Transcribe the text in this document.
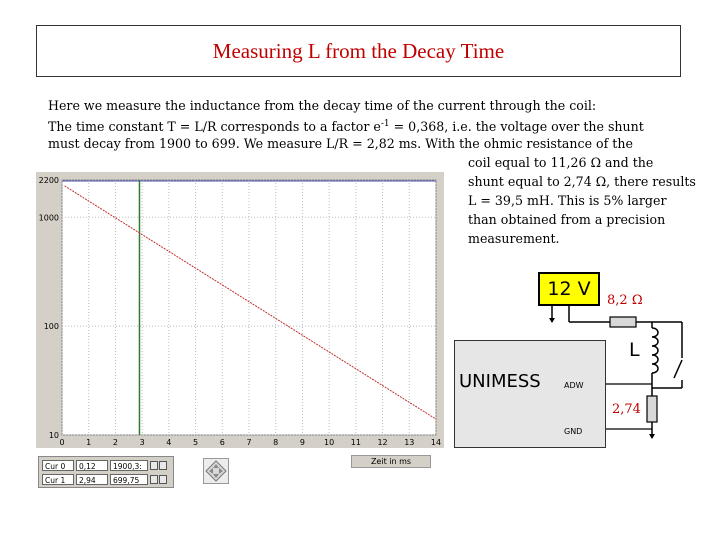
Measuring L from the Decay Time

Here we measure the inductance from the decay time of the current through the coil:

The time constant T = L/R corresponds to a factor $e^{-1} = 0,368$, i.e. the voltage over the shunt

must decay from 1900 to 699. We measure L/R = 2,82 ms. With the ohmic resistance of the

coil equal to 11,26 Ω and the

shunt equal to 2,74 Ω, there results

L = 39,5 mH. This is 5% larger

than obtained from a precision

measurement.

0	1	2	3	4	5	6	7	8	9 10 11 12 13 14
2200
1000
100
10
Cur 0	0,12	1900,3:
Cur 1	2,94	699,75
Zeit in ms
UNIMESS	ADW
GND
12 V
8,2 Ω
L
2,74
